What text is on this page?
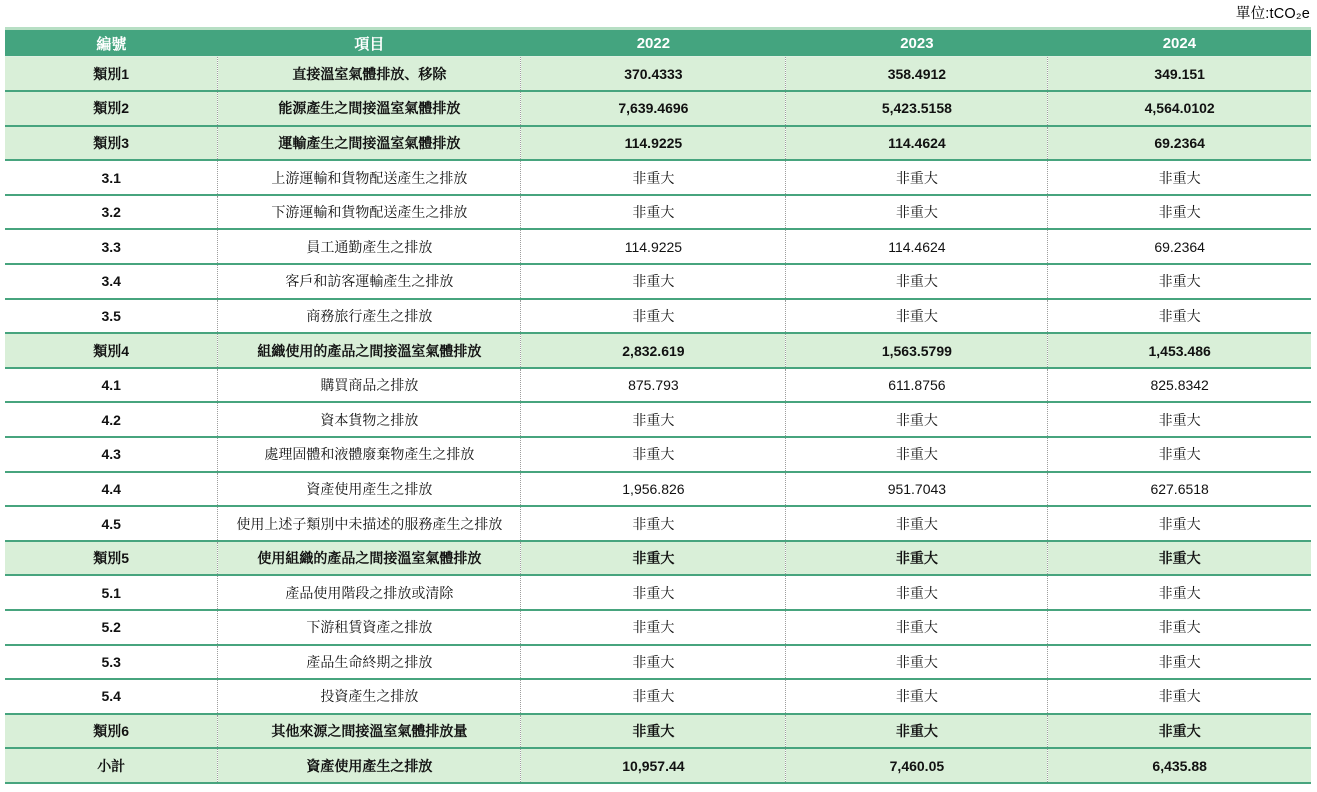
單位:tCO₂e
編號	項目	2022	2023	2024
類別1	直接溫室氣體排放、移除	370.4333	358.4912	349.151
類別2	能源產生之間接溫室氣體排放	7,639.4696	5,423.5158	4,564.0102
類別3	運輸產生之間接溫室氣體排放	114.9225	114.4624	69.2364
3.1	上游運輸和貨物配送產生之排放	非重大	非重大	非重大
3.2	下游運輸和貨物配送產生之排放	非重大	非重大	非重大
3.3	員工通勤產生之排放	114.9225	114.4624	69.2364
3.4	客戶和訪客運輸產生之排放	非重大	非重大	非重大
3.5	商務旅行產生之排放	非重大	非重大	非重大
類別4	組織使用的產品之間接溫室氣體排放	2,832.619	1,563.5799	1,453.486
4.1	購買商品之排放	875.793	611.8756	825.8342
4.2	資本貨物之排放	非重大	非重大	非重大
4.3	處理固體和液體廢棄物產生之排放	非重大	非重大	非重大
4.4	資產使用產生之排放	1,956.826	951.7043	627.6518
4.5	使用上述子類別中未描述的服務產生之排放	非重大	非重大	非重大
類別5	使用組織的產品之間接溫室氣體排放	非重大	非重大	非重大
5.1	產品使用階段之排放或清除	非重大	非重大	非重大
5.2	下游租賃資產之排放	非重大	非重大	非重大
5.3	產品生命終期之排放	非重大	非重大	非重大
5.4	投資產生之排放	非重大	非重大	非重大
類別6	其他來源之間接溫室氣體排放量	非重大	非重大	非重大
小計	資產使用產生之排放	10,957.44	7,460.05	6,435.88
